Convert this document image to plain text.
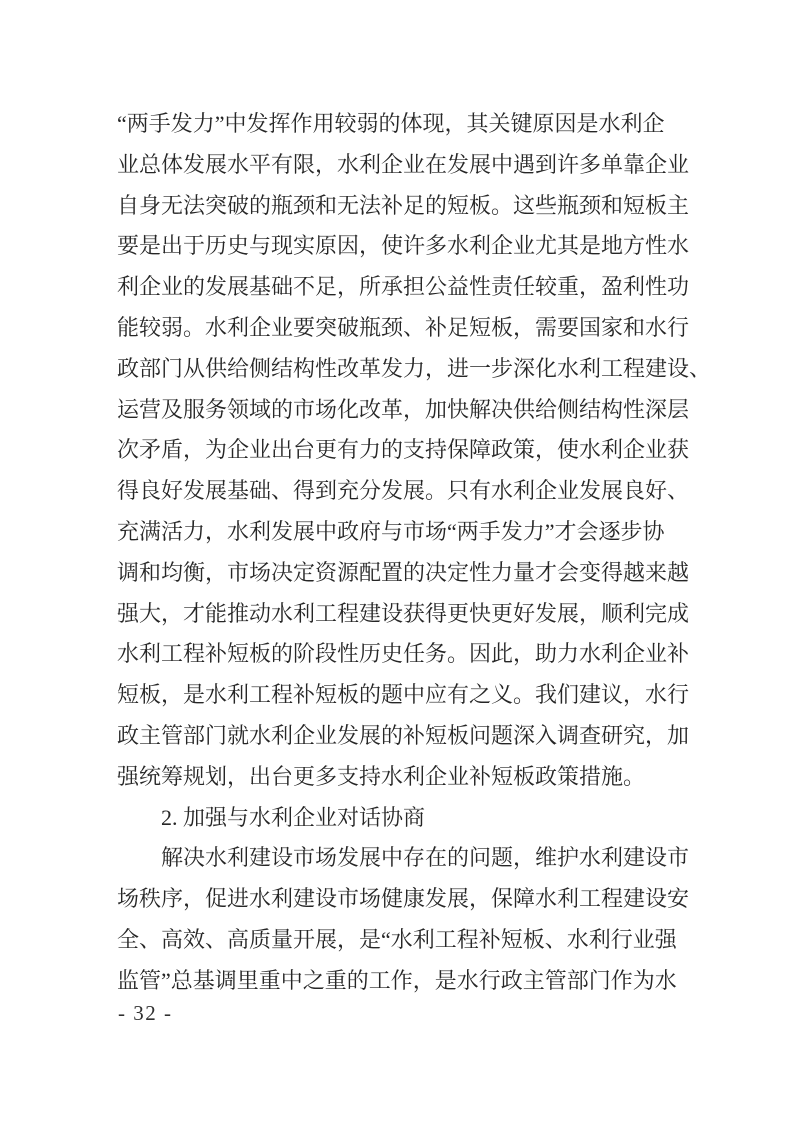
“两手发力”中发挥作用较弱的体现，其关键原因是水利企
业总体发展水平有限，水利企业在发展中遇到许多单靠企业
自身无法突破的瓶颈和无法补足的短板。这些瓶颈和短板主
要是出于历史与现实原因，使许多水利企业尤其是地方性水
利企业的发展基础不足，所承担公益性责任较重，盈利性功
能较弱。水利企业要突破瓶颈、补足短板，需要国家和水行
政部门从供给侧结构性改革发力，进一步深化水利工程建设、
运营及服务领域的市场化改革，加快解决供给侧结构性深层
次矛盾，为企业出台更有力的支持保障政策，使水利企业获
得良好发展基础、得到充分发展。只有水利企业发展良好、
充满活力，水利发展中政府与市场“两手发力”才会逐步协
调和均衡，市场决定资源配置的决定性力量才会变得越来越
强大，才能推动水利工程建设获得更快更好发展，顺利完成
水利工程补短板的阶段性历史任务。因此，助力水利企业补
短板，是水利工程补短板的题中应有之义。我们建议，水行
政主管部门就水利企业发展的补短板问题深入调查研究，加
强统筹规划，出台更多支持水利企业补短板政策措施。
2. 加强与水利企业对话协商
解决水利建设市场发展中存在的问题，维护水利建设市
场秩序，促进水利建设市场健康发展，保障水利工程建设安
全、高效、高质量开展，是“水利工程补短板、水利行业强
监管”总基调里重中之重的工作，是水行政主管部门作为水
- 32 -
